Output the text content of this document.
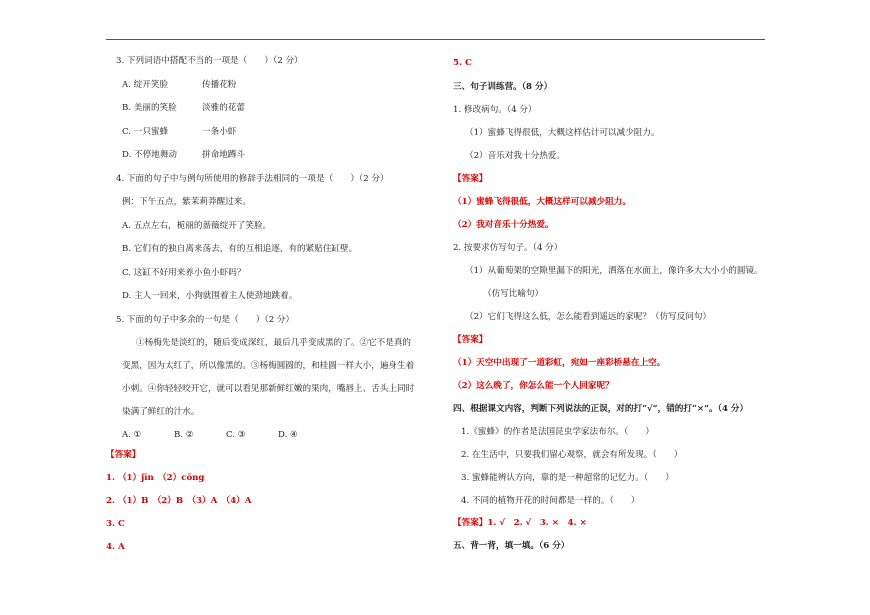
3. 下列词语中搭配不当的一项是（　　）（2 分）
A. 绽开笑脸	传播花粉
B. 美丽的笑脸	淡雅的花蕾
C. 一只蜜蜂	一条小虾
D. 不停地舞动	拼命地蹲斗
4. 下面的句子中与例句所使用的修辞手法相同的一项是（　　）（2 分）
例：下午五点，紫茉莉莽醒过来。
A. 五点左右，栀丽的蔷薇绽开了笑脸。
B. 它们有的独自离来荡去，有的互相追逐，有的紧贴住缸壁。
C. 这缸不好用来养小鱼小虾吗？
D. 主人一回来，小狗就围着主人使劲地跳着。
5. 下面的句子中多余的一句是（　　）（2 分）
①杨梅先是淡红的，随后变成深红，最后几乎变成黑的了。②它不是真的
变黑，因为太红了，所以像黑的。③杨梅圆圆的，和桂圆一样大小，遍身生着
小刺。④你轻轻咬开它，就可以看见那新鲜红嫩的果肉，嘴唇上、舌头上同时
染满了鲜红的汁水。
A. ①	B. ②	C. ③	D. ④
【答案】
1. （1）jīn　（2）cōng
2. （1）B　（2）B　（3）A　（4）A
3. C
4. A
5. C
三、句子训练营。（8 分）
1. 修改病句。（4 分）
（1）蜜蜂飞得很低，大概这样估计可以减少阻力。
（2）音乐对我十分热爱。
【答案】
（1）蜜蜂飞得很低，大概这样可以减少阻力。
（2）我对音乐十分热爱。
2. 按要求仿写句子。（4 分）
（1）从葡萄架的空隙里漏下的阳光，洒落在水面上，像许多大大小小的圆镜。
（仿写比喻句）
（2）它们飞得这么低，怎么能看到遥远的家呢？（仿写反问句）
【答案】
（1）天空中出现了一道彩虹，宛如一座彩桥悬在上空。
（2）这么晚了，你怎么能一个人回家呢？
四、根据课文内容，判断下列说法的正误，对的打“√”，错的打“×”。（4 分）
1.《蜜蜂》的作者是法国昆虫学家法布尔。（　　）
2. 在生活中，只要我们留心观察，就会有所发现。（　　）
3. 蜜蜂能辨认方向，靠的是一种超常的记忆力。（　　）
4. 不同的植物开花的时间都是一样的。（　　）
【答案】1. √　2. √　3. ×　4. ×
五、背一背，填一填。（6 分）
